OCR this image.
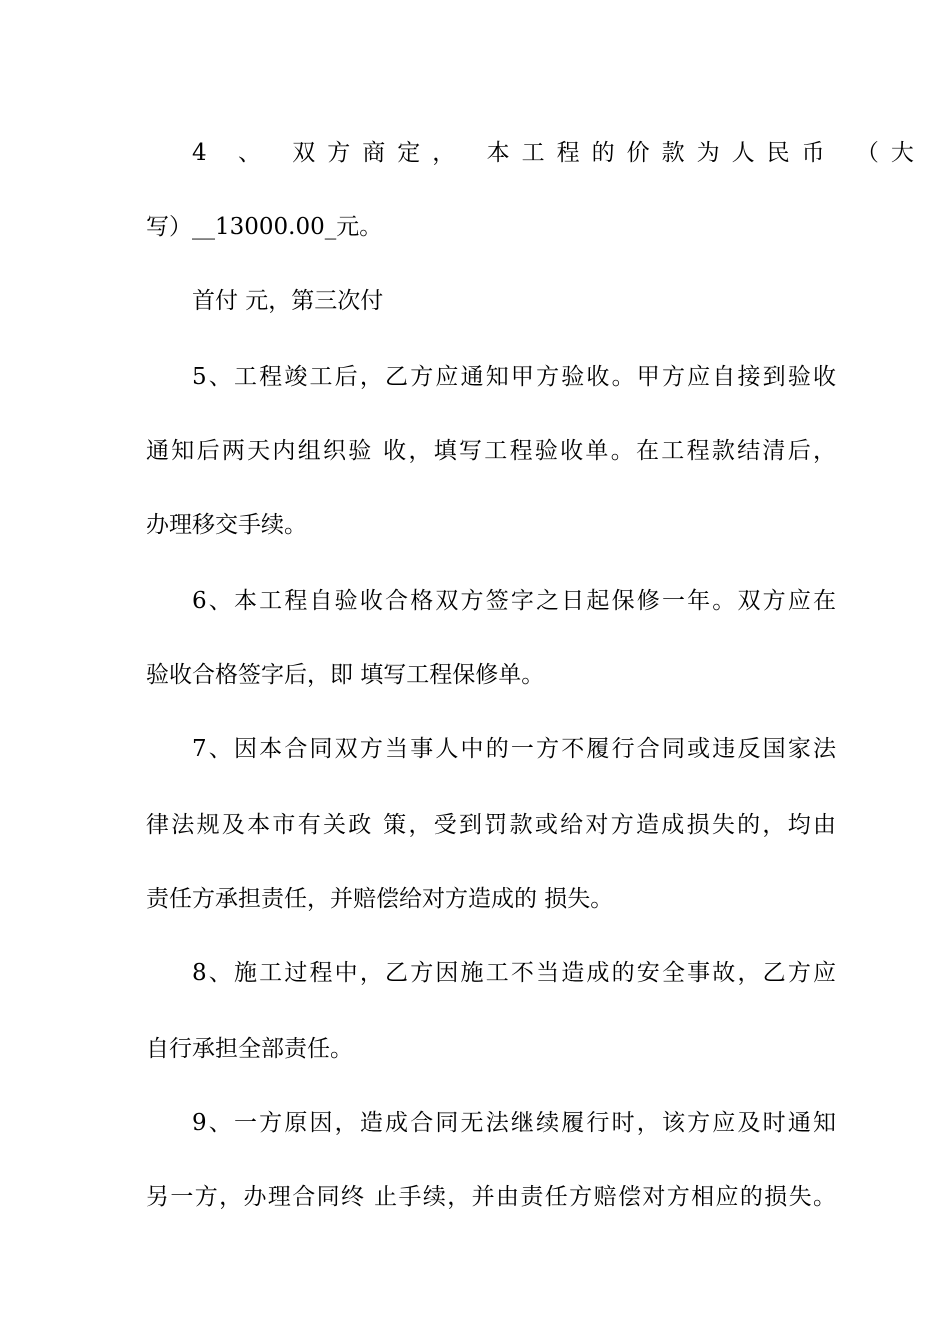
4 、 双方商定， 本工程的价款为人民币 （大
写）__13000.00_元。
首付 元，第三次付
5、工程竣工后，乙方应通知甲方验收。甲方应自接到验收
通知后两天内组织验 收，填写工程验收单。在工程款结清后，
办理移交手续。
6、本工程自验收合格双方签字之日起保修一年。双方应在
验收合格签字后，即 填写工程保修单。
7、因本合同双方当事人中的一方不履行合同或违反国家法
律法规及本市有关政 策，受到罚款或给对方造成损失的，均由
责任方承担责任，并赔偿给对方造成的 损失。
8、施工过程中，乙方因施工不当造成的安全事故，乙方应
自行承担全部责任。
9、一方原因，造成合同无法继续履行时，该方应及时通知
另一方，办理合同终 止手续，并由责任方赔偿对方相应的损失。
